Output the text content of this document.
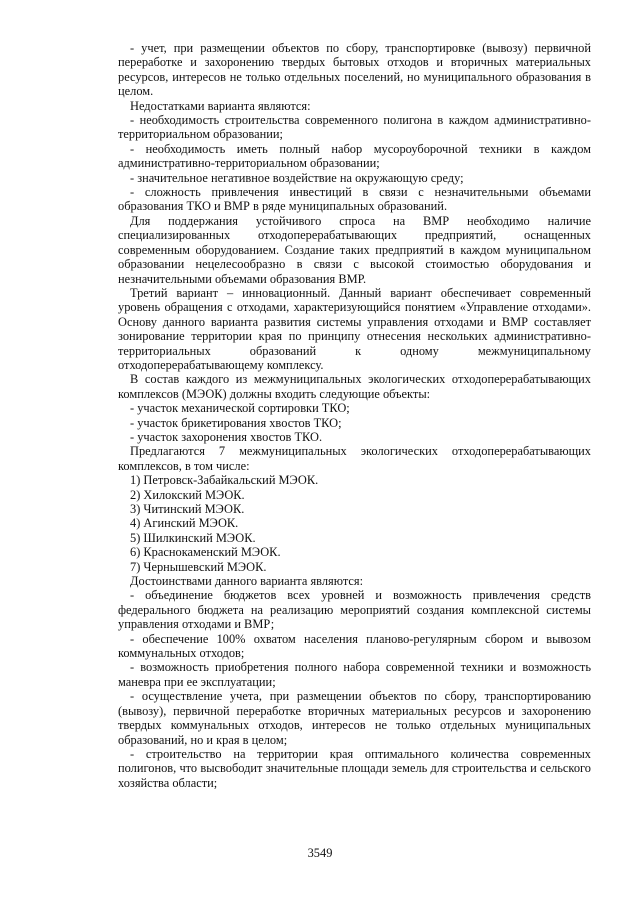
- учет, при размещении объектов по сбору, транспортировке (вывозу) первичной переработке и захоронению твердых бытовых отходов и вторичных материальных ресурсов, интересов не только отдельных поселений, но муниципального образования в целом.

Недостатками варианта являются:

- необходимость строительства современного полигона в каждом административно-территориальном образовании;

- необходимость иметь полный набор мусороуборочной техники в каждом административно-территориальном образовании;

- значительное негативное воздействие на окружающую среду;

- сложность привлечения инвестиций в связи с незначительными объемами образования ТКО и ВМР в ряде муниципальных образований.

Для поддержания устойчивого спроса на ВМР необходимо наличие специализированных отходоперерабатывающих предприятий, оснащенных современным оборудованием. Создание таких предприятий в каждом муниципальном образовании нецелесообразно в связи с высокой стоимостью оборудования и незначительными объемами образования ВМР.

Третий вариант – инновационный. Данный вариант обеспечивает современный уровень обращения с отходами, характеризующийся понятием «Управление отходами». Основу данного варианта развития системы управления отходами и ВМР составляет зонирование территории края по принципу отнесения нескольких административно-территориальных образований к одному межмуниципальному отходоперерабатывающему комплексу.

В состав каждого из межмуниципальных экологических отходоперерабатывающих комплексов (МЭОК) должны входить следующие объекты:

- участок механической сортировки ТКО;

- участок брикетирования хвостов ТКО;

- участок захоронения хвостов ТКО.

Предлагаются 7 межмуниципальных экологических отходоперерабатывающих комплексов, в том числе:

1) Петровск-Забайкальский МЭОК.

2) Хилокский МЭОК.

3) Читинский МЭОК.

4) Агинский МЭОК.

5) Шилкинский МЭОК.

6) Краснокаменский МЭОК.

7) Чернышевский МЭОК.

Достоинствами данного варианта являются:

- объединение бюджетов всех уровней и возможность привлечения средств федерального бюджета на реализацию мероприятий создания комплексной системы управления отходами и ВМР;

- обеспечение 100% охватом населения планово-регулярным сбором и вывозом коммунальных отходов;

- возможность приобретения полного набора современной техники и возможность маневра при ее эксплуатации;

- осуществление учета, при размещении объектов по сбору, транспортированию (вывозу), первичной переработке вторичных материальных ресурсов и захоронению твердых коммунальных отходов, интересов не только отдельных муниципальных образований, но и края в целом;

- строительство на территории края оптимального количества современных полигонов, что высвободит значительные площади земель для строительства и сельского хозяйства области;

3549
